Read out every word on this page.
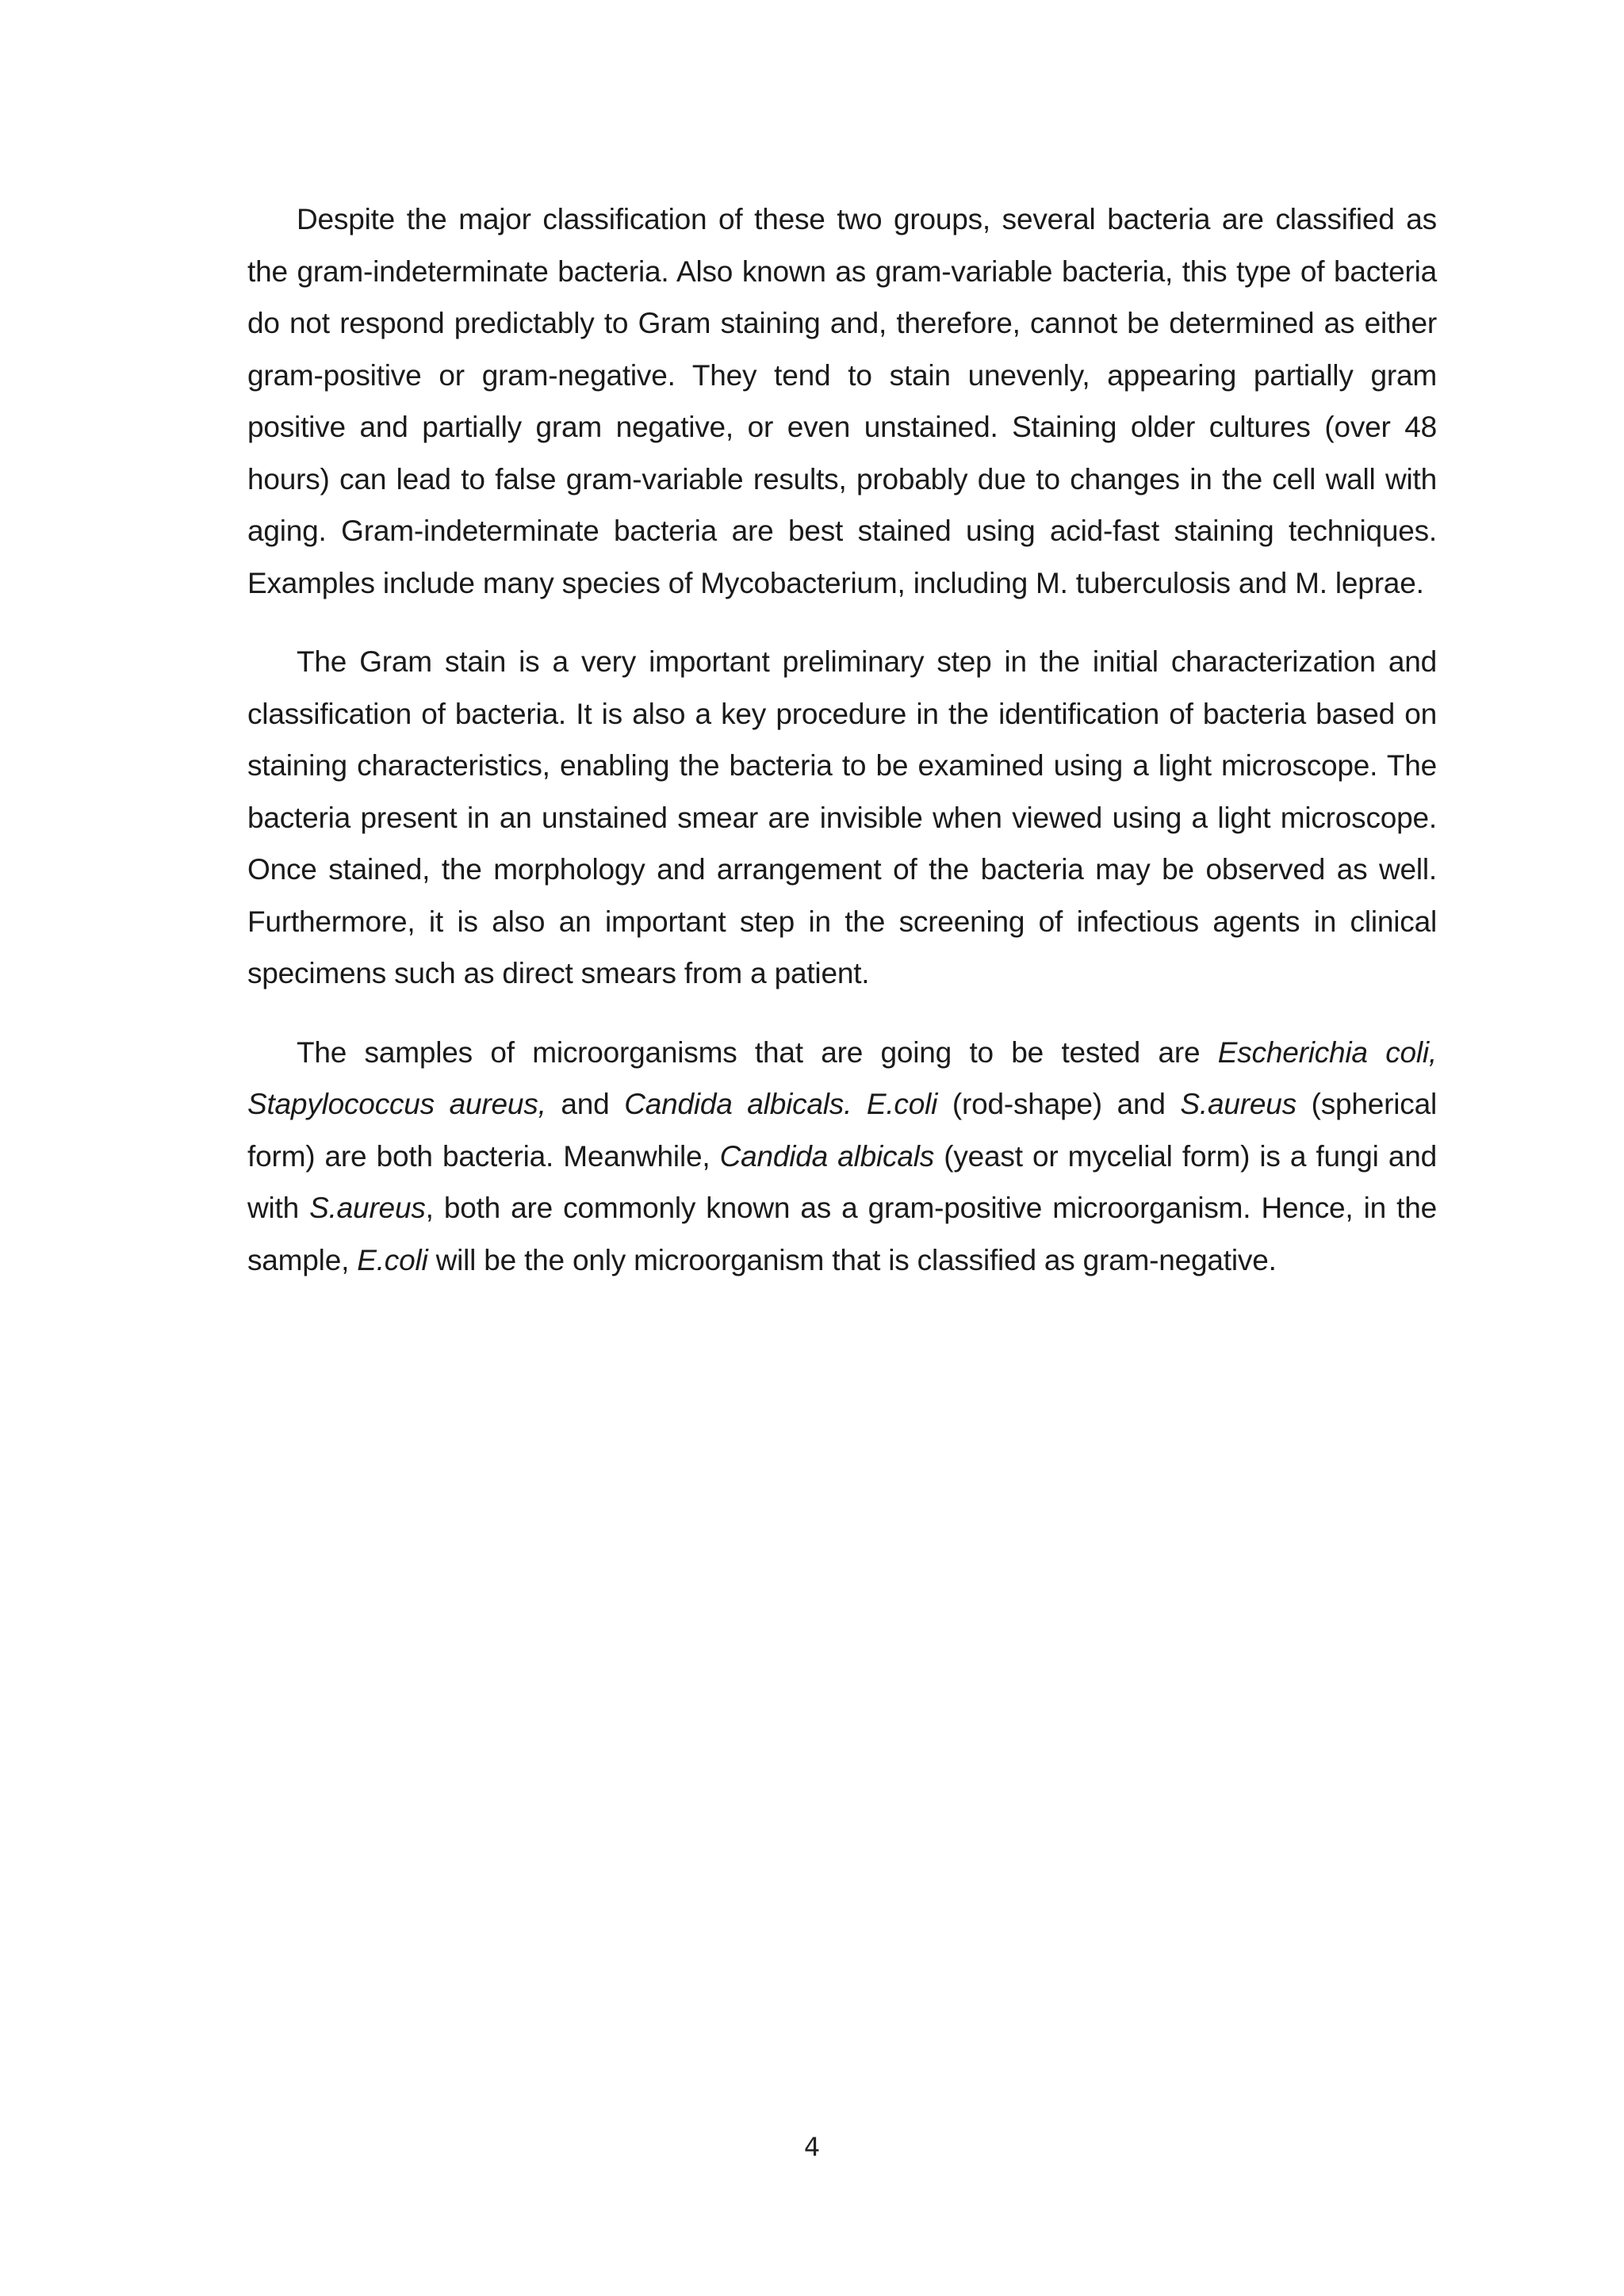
Despite the major classification of these two groups, several bacteria are classified as the gram-indeterminate bacteria. Also known as gram-variable bacteria, this type of bacteria do not respond predictably to Gram staining and, therefore, cannot be determined as either gram-positive or gram-negative. They tend to stain unevenly, appearing partially gram positive and partially gram negative, or even unstained. Staining older cultures (over 48 hours) can lead to false gram-variable results, probably due to changes in the cell wall with aging. Gram-indeterminate bacteria are best stained using acid-fast staining techniques. Examples include many species of Mycobacterium, including M. tuberculosis and M. leprae.

The Gram stain is a very important preliminary step in the initial characterization and classification of bacteria. It is also a key procedure in the identification of bacteria based on staining characteristics, enabling the bacteria to be examined using a light microscope. The bacteria present in an unstained smear are invisible when viewed using a light microscope. Once stained, the morphology and arrangement of the bacteria may be observed as well. Furthermore, it is also an important step in the screening of infectious agents in clinical specimens such as direct smears from a patient.

The samples of microorganisms that are going to be tested are Escherichia coli, Stapylococcus aureus, and Candida albicals. E.coli (rod-shape) and S.aureus (spherical form) are both bacteria. Meanwhile, Candida albicals (yeast or mycelial form) is a fungi and with S.aureus, both are commonly known as a gram-positive microorganism. Hence, in the sample, E.coli will be the only microorganism that is classified as gram-negative.

4
